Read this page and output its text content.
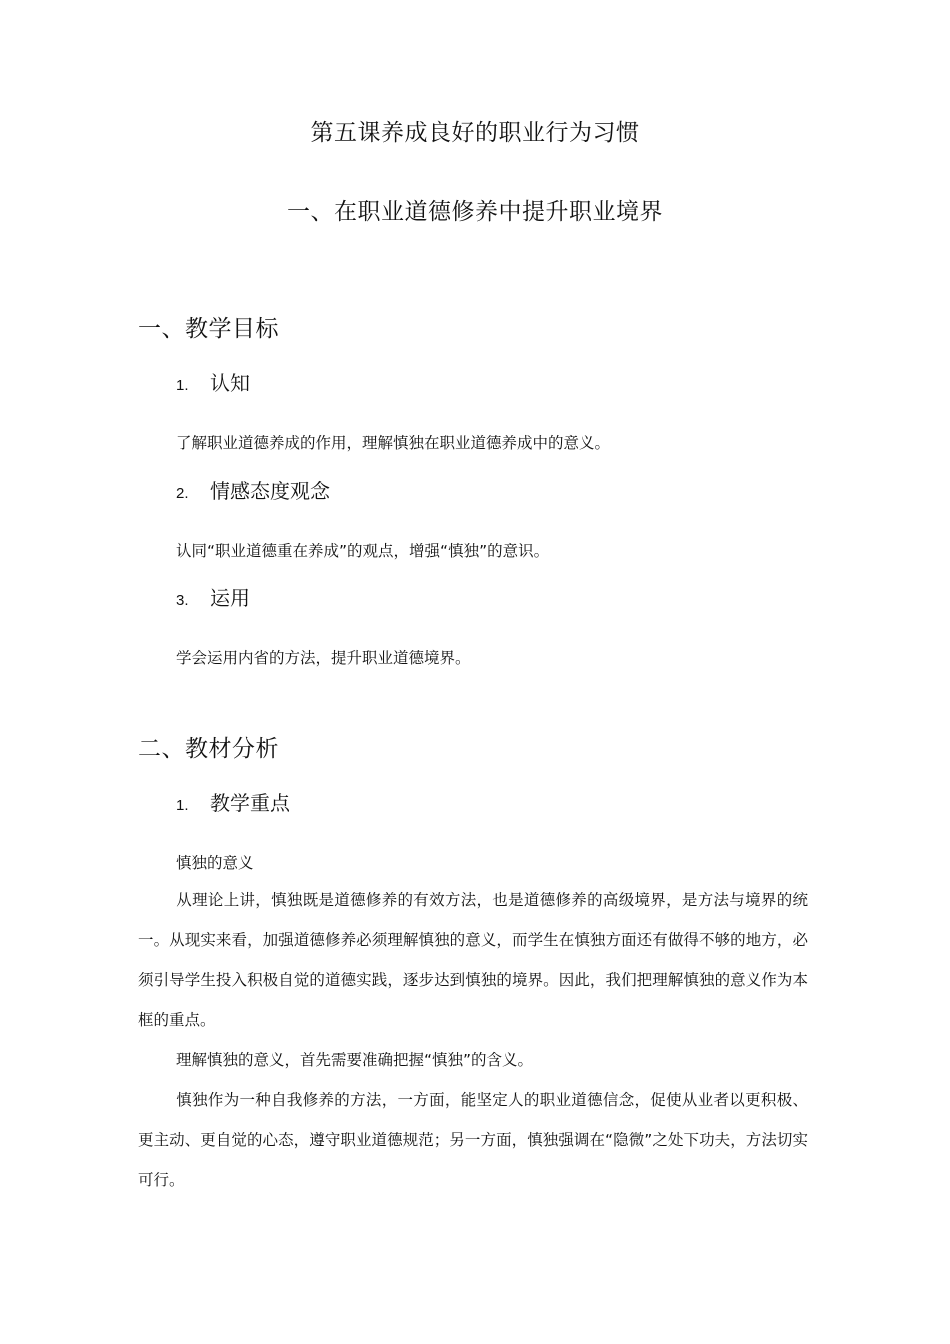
第五课养成良好的职业行为习惯
一、在职业道德修养中提升职业境界
一、教学目标
1. 认知
了解职业道德养成的作用，理解慎独在职业道德养成中的意义。
2. 情感态度观念
认同“职业道德重在养成”的观点，增强“慎独”的意识。
3. 运用
学会运用内省的方法，提升职业道德境界。
二、教材分析
1. 教学重点
慎独的意义
从理论上讲，慎独既是道德修养的有效方法，也是道德修养的高级境界，是方法与境界的统一。从现实来看，加强道德修养必须理解慎独的意义，而学生在慎独方面还有做得不够的地方，必须引导学生投入积极自觉的道德实践，逐步达到慎独的境界。因此，我们把理解慎独的意义作为本框的重点。
理解慎独的意义，首先需要准确把握“慎独”的含义。
慎独作为一种自我修养的方法，一方面，能坚定人的职业道德信念，促使从业者以更积极、更主动、更自觉的心态，遵守职业道德规范；另一方面，慎独强调在“隐微”之处下功夫，方法切实可行。
